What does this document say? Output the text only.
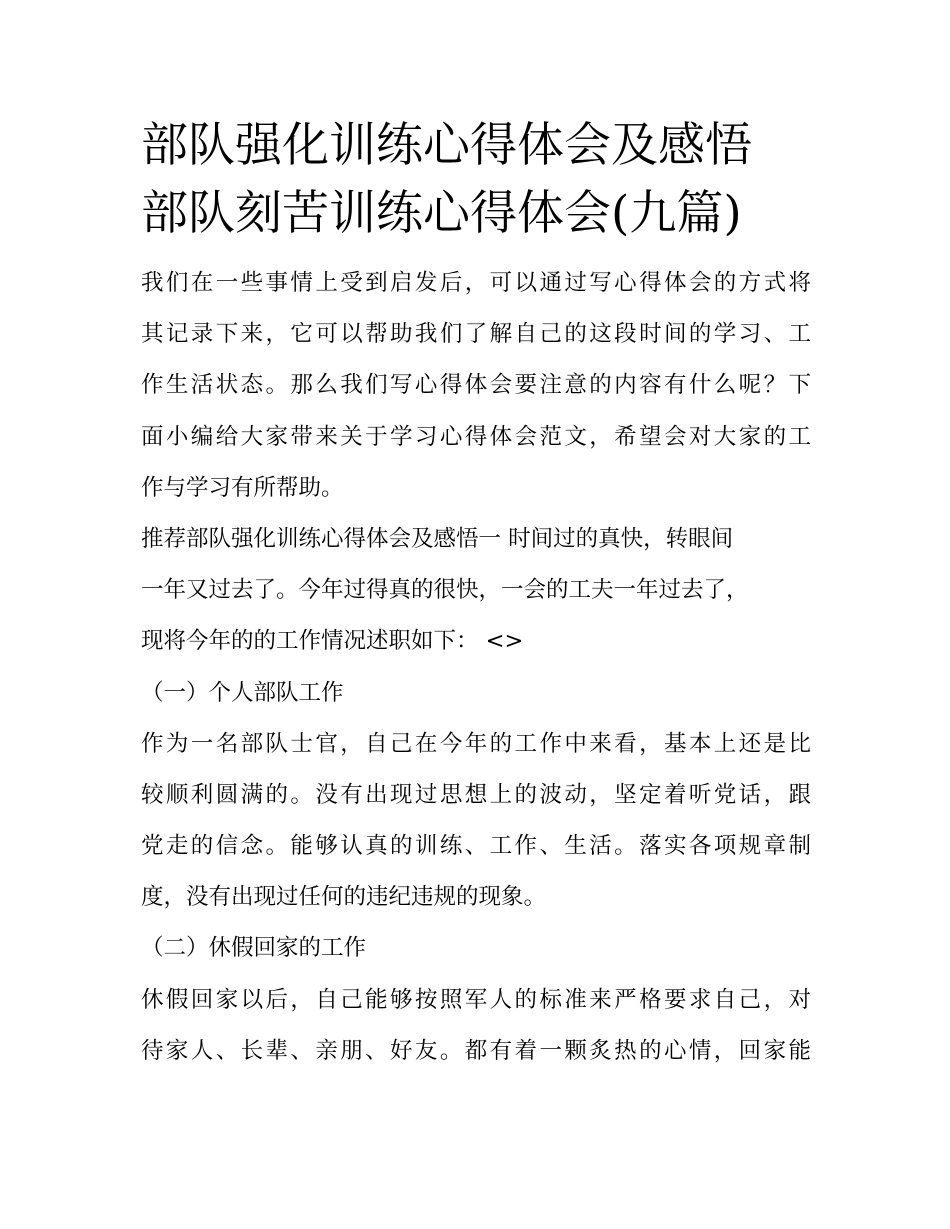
部队强化训练心得体会及感悟
部队刻苦训练心得体会(九篇)

我们在一些事情上受到启发后，可以通过写心得体会的方式将
其记录下来，它可以帮助我们了解自己的这段时间的学习、工
作生活状态。那么我们写心得体会要注意的内容有什么呢？下
面小编给大家带来关于学习心得体会范文，希望会对大家的工
作与学习有所帮助。

推荐部队强化训练心得体会及感悟一 时间过的真快，转眼间
一年又过去了。今年过得真的很快，一会的工夫一年过去了，
现将今年的的工作情况述职如下： <>

（一）个人部队工作

作为一名部队士官，自己在今年的工作中来看，基本上还是比
较顺利圆满的。没有出现过思想上的波动，坚定着听党话，跟
党走的信念。能够认真的训练、工作、生活。落实各项规章制
度，没有出现过任何的违纪违规的现象。

（二）休假回家的工作

休假回家以后，自己能够按照军人的标准来严格要求自己，对
待家人、长辈、亲朋、好友。都有着一颗炙热的心情，回家能
